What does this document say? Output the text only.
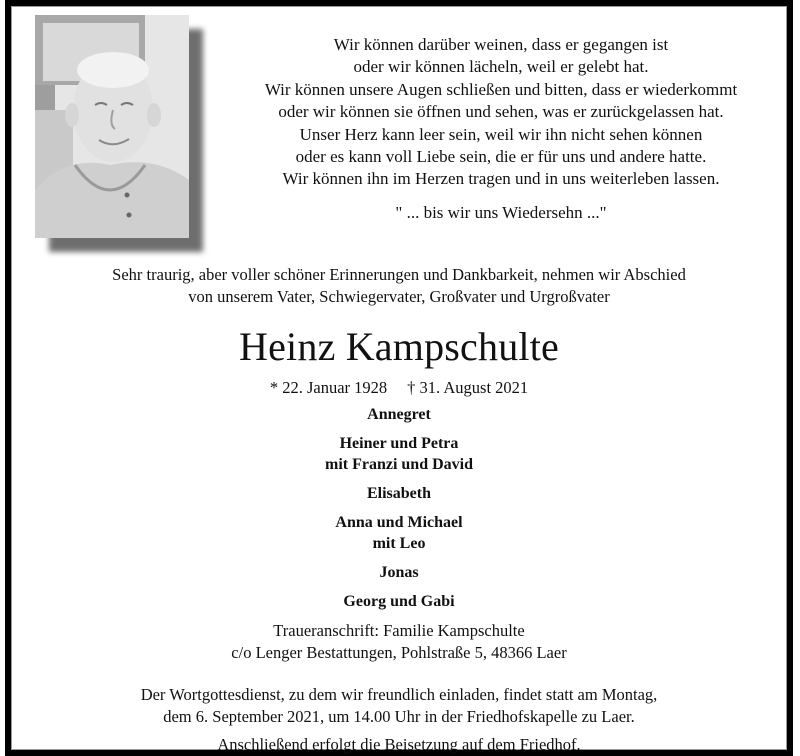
Wir können darüber weinen, dass er gegangen ist
oder wir können lächeln, weil er gelebt hat.
Wir können unsere Augen schließen und bitten, dass er wiederkommt
oder wir können sie öffnen und sehen, was er zurückgelassen hat.
Unser Herz kann leer sein, weil wir ihn nicht sehen können
oder es kann voll Liebe sein, die er für uns und andere hatte.
Wir können ihn im Herzen tragen und in uns weiterleben lassen.
" ... bis wir uns Wiedersehn ..."
Sehr traurig, aber voller schöner Erinnerungen und Dankbarkeit, nehmen wir Abschied
von unserem Vater, Schwiegervater, Großvater und Urgroßvater
Heinz Kampschulte
* 22. Januar 1928 † 31. August 2021
Annegret
Heiner und Petra
mit Franzi und David
Elisabeth
Anna und Michael
mit Leo
Jonas
Georg und Gabi
Traueranschrift: Familie Kampschulte
c/o Lenger Bestattungen, Pohlstraße 5, 48366 Laer
Der Wortgottesdienst, zu dem wir freundlich einladen, findet statt am Montag,
dem 6. September 2021, um 14.00 Uhr in der Friedhofskapelle zu Laer.
Anschließend erfolgt die Beisetzung auf dem Friedhof.
